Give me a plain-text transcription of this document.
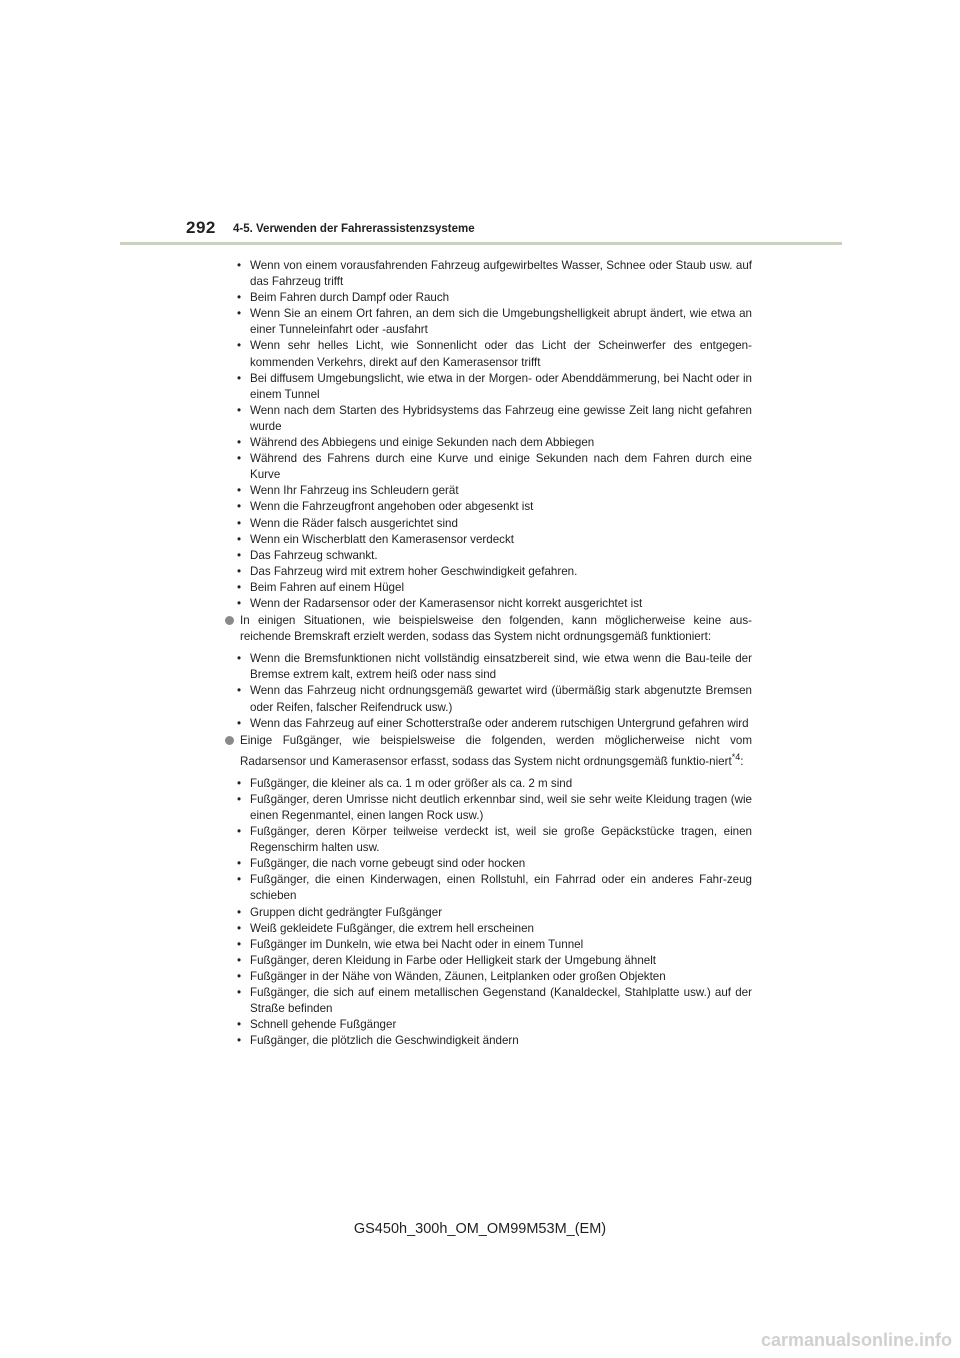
292 4-5. Verwenden der Fahrerassistenzsysteme
• Wenn von einem vorausfahrenden Fahrzeug aufgewirbeltes Wasser, Schnee oder Staub usw. auf das Fahrzeug trifft
• Beim Fahren durch Dampf oder Rauch
• Wenn Sie an einem Ort fahren, an dem sich die Umgebungshelligkeit abrupt ändert, wie etwa an einer Tunneleinfahrt oder -ausfahrt
• Wenn sehr helles Licht, wie Sonnenlicht oder das Licht der Scheinwerfer des entgegen-kommenden Verkehrs, direkt auf den Kamerasensor trifft
• Bei diffusem Umgebungslicht, wie etwa in der Morgen- oder Abenddämmerung, bei Nacht oder in einem Tunnel
• Wenn nach dem Starten des Hybridsystems das Fahrzeug eine gewisse Zeit lang nicht gefahren wurde
• Während des Abbiegens und einige Sekunden nach dem Abbiegen
• Während des Fahrens durch eine Kurve und einige Sekunden nach dem Fahren durch eine Kurve
• Wenn Ihr Fahrzeug ins Schleudern gerät
• Wenn die Fahrzeugfront angehoben oder abgesenkt ist
• Wenn die Räder falsch ausgerichtet sind
• Wenn ein Wischerblatt den Kamerasensor verdeckt
• Das Fahrzeug schwankt.
• Das Fahrzeug wird mit extrem hoher Geschwindigkeit gefahren.
• Beim Fahren auf einem Hügel
• Wenn der Radarsensor oder der Kamerasensor nicht korrekt ausgerichtet ist
In einigen Situationen, wie beispielsweise den folgenden, kann möglicherweise keine aus-reichende Bremskraft erzielt werden, sodass das System nicht ordnungsgemäß funktioniert:
• Wenn die Bremsfunktionen nicht vollständig einsatzbereit sind, wie etwa wenn die Bau-teile der Bremse extrem kalt, extrem heiß oder nass sind
• Wenn das Fahrzeug nicht ordnungsgemäß gewartet wird (übermäßig stark abgenutzte Bremsen oder Reifen, falscher Reifendruck usw.)
• Wenn das Fahrzeug auf einer Schotterstraße oder anderem rutschigen Untergrund gefahren wird
Einige Fußgänger, wie beispielsweise die folgenden, werden möglicherweise nicht vom Radarsensor und Kamerasensor erfasst, sodass das System nicht ordnungsgemäß funktio-niert$^{*4}$:
• Fußgänger, die kleiner als ca. 1 m oder größer als ca. 2 m sind
• Fußgänger, deren Umrisse nicht deutlich erkennbar sind, weil sie sehr weite Kleidung tragen (wie einen Regenmantel, einen langen Rock usw.)
• Fußgänger, deren Körper teilweise verdeckt ist, weil sie große Gepäckstücke tragen, einen Regenschirm halten usw.
• Fußgänger, die nach vorne gebeugt sind oder hocken
• Fußgänger, die einen Kinderwagen, einen Rollstuhl, ein Fahrrad oder ein anderes Fahr-zeug schieben
• Gruppen dicht gedrängter Fußgänger
• Weiß gekleidete Fußgänger, die extrem hell erscheinen
• Fußgänger im Dunkeln, wie etwa bei Nacht oder in einem Tunnel
• Fußgänger, deren Kleidung in Farbe oder Helligkeit stark der Umgebung ähnelt
• Fußgänger in der Nähe von Wänden, Zäunen, Leitplanken oder großen Objekten
• Fußgänger, die sich auf einem metallischen Gegenstand (Kanaldeckel, Stahlplatte usw.) auf der Straße befinden
• Schnell gehende Fußgänger
• Fußgänger, die plötzlich die Geschwindigkeit ändern
GS450h_300h_OM_OM99M53M_(EM)
carmanualsonline.info
